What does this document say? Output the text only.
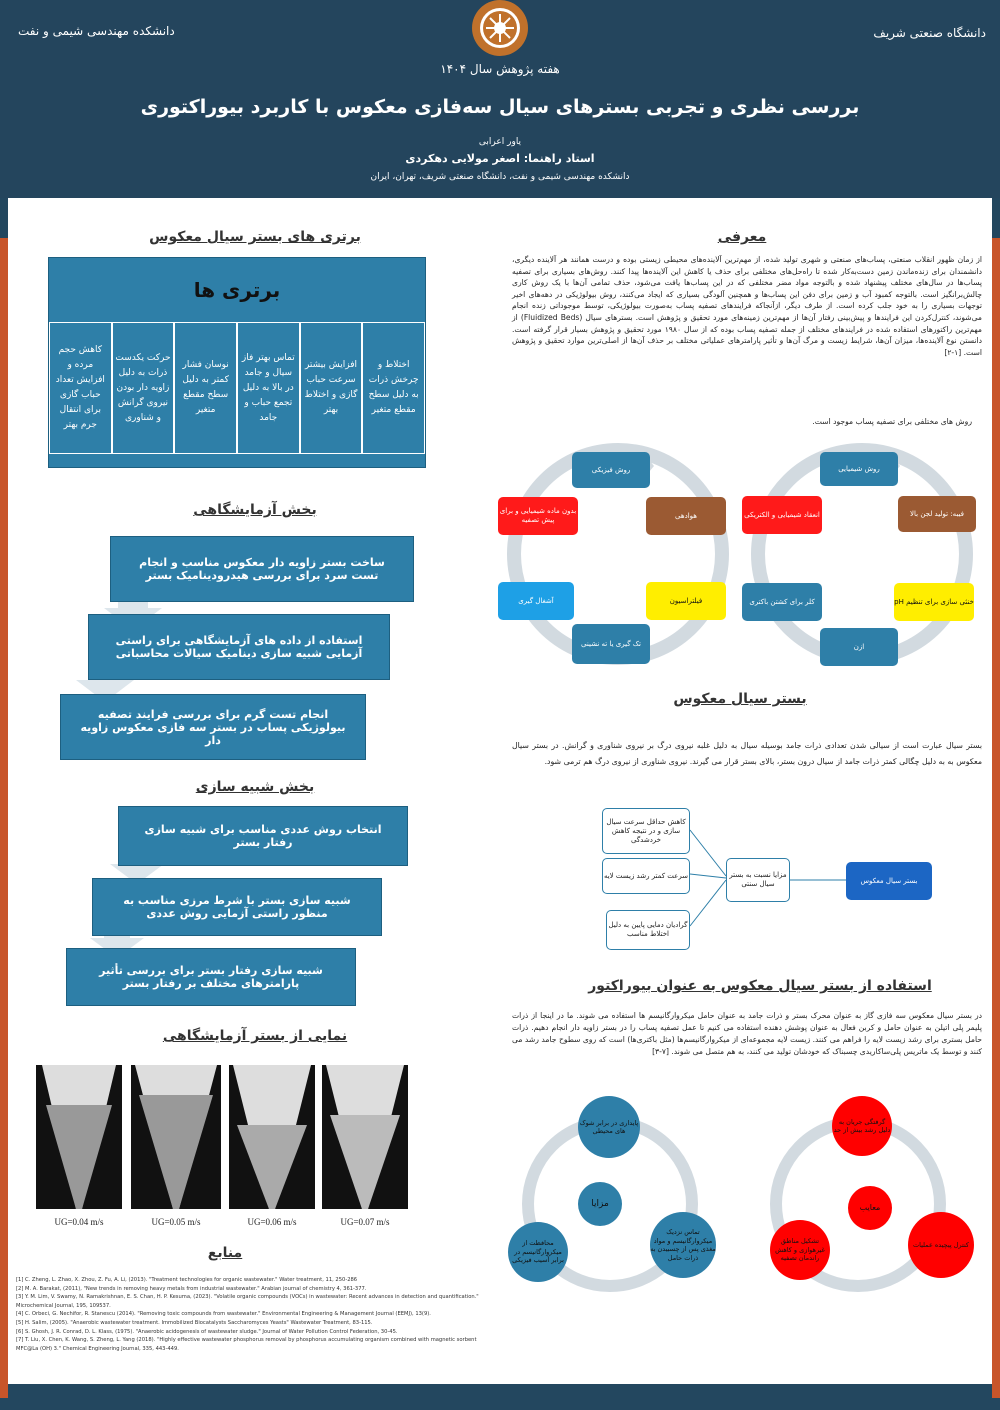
دانشگاه صنعتی شریف
دانشکده مهندسی شیمی و نفت
هفته پژوهش سال ۱۴۰۴
بررسی نظری و تجربی بسترهای سیال سه‌فازی معکوس با کاربرد بیوراکتوری
یاور اعرابی
استاد راهنما: اصغر مولایی دهکردی
دانشکده مهندسی شیمی و نفت، دانشگاه صنعتی شریف، تهران، ایران
برتری های بستر سیال معکوس
برتری ها
اختلاط و چرخش ذرات به دلیل سطح مقطع متغیر
افزایش بیشتر سرعت حباب گازی و اختلاط بهتر
تماس بهتر فاز سیال و جامد در بالا به دلیل تجمع حباب و جامد
نوسان فشار کمتر به دلیل سطح مقطع متغیر
حرکت یکدست ذرات به دلیل زاویه دار بودن نیروی گرانش و شناوری
کاهش حجم مرده و افزایش تعداد حباب گازی برای انتقال جرم بهتر
بخش آزمایشگاهی
ساخت بستر زاویه دار معکوس مناسب و انجام تست سرد برای بررسی هیدرودینامیک بستر
استفاده از داده های آزمایشگاهی برای راستی آزمایی شبیه سازی دینامیک سیالات محاسباتی
انجام تست گرم برای بررسی فرایند تصفیه بیولوژیکی پساب در بستر سه فازی معکوس زاویه دار
بخش شبیه سازی
انتخاب روش عددی مناسب برای شبیه سازی رفتار بستر
شبیه سازی بستر با شرط مرزی مناسب به منظور راستی آزمایی روش عددی
شبیه سازی رفتار بستر برای بررسی تأثیر پارامترهای مختلف بر رفتار بستر
نمایی از بستر آزمایشگاهی
UG=0.04 m/s	UG=0.05 m/s	UG=0.06 m/s	UG=0.07 m/s
منابع
[1] C. Zheng, L. Zhao, X. Zhou, Z. Fu, A. Li, (2013). "Treatment technologies for organic wastewater." Water treatment, 11, 250-286
[2] M. A. Barakat, (2011), "New trends in removing heavy metals from industrial wastewater." Arabian journal of chemistry 4, 361-377.
[3] Y. M. Lim, V. Swamy, N. Ramakrishnan, E. S. Chan, H. P. Kesuma, (2023). "Volatile organic compounds (VOCs) in wastewater: Recent advances in detection and quantification." Microchemical Journal, 195, 109537.
[4] C. Orbeci, G. Nechifor, R. Stanescu (2014). "Removing toxic compounds from wastewater." Environmental Engineering & Management Journal (EEMJ), 13(9).
[5] H. Salim, (2005). "Anaerobic wastewater treatment. Immobilized Biocatalysts Saccharomyces Yeasts" Wastewater Treatment, 83-115.
[6] S. Ghosh, J. R. Conrad, D. L. Klass, (1975). "Anaerobic acidogenesis of wastewater sludge." Journal of Water Pollution Control Federation, 30-45.
[7] T. Liu, X. Chen, K. Wang, S. Zheng, L. Yang (2018). "Highly effective wastewater phosphorus removal by phosphorus accumulating organism combined with magnetic sorbent MFC@La (OH) 3." Chemical Engineering Journal, 335, 443-449.
معرفی
از زمان ظهور انقلاب صنعتی، پساب‌های صنعتی و شهری تولید شده، از مهم‌ترین آلاینده‌های محیطی زیستی بوده و درست همانند هر آلاینده دیگری، دانشمندان برای زنده‌ماندن زمین دست‌به‌کار شده تا راه‌حل‌های مختلفی برای حذف یا کاهش این آلاینده‌ها پیدا کنند. روش‌های بسیاری برای تصفیه پساب‌ها در سال‌های مختلف پیشنهاد شده و بالتوجه مواد مضر مختلفی که در این پساب‌ها یافت می‌شود، حذف تمامی آن‌ها با یک روش کاری چالش‌برانگیز است. بالتوجه کمبود آب و زمین برای دفن این پساب‌ها و همچنین آلودگی بسیاری که ایجاد می‌کنند، روش بیولوژیکی در دهه‌های اخیر توجهات بسیاری را به خود جلب کرده است. از طرف دیگر، ازآنجاکه فرایندهای تصفیه پساب به‌صورت بیولوژیکی، توسط موجوداتی زنده انجام می‌شوند، کنترل‌کردن این فرایندها و پیش‌بینی رفتار آن‌ها از مهم‌ترین زمینه‌های مورد تحقیق و پژوهش است. بسترهای سیال (Fluidized Beds) از مهم‌ترین راکتورهای استفاده شده در فرایندهای مختلف از جمله تصفیه پساب بوده که از سال ۱۹۸۰ مورد تحقیق و پژوهش بسیار قرار گرفته است. دانستن نوع آلاینده‌ها، میزان آن‌ها، شرایط زیست و مرگ آن‌ها و تأثیر پارامترهای عملیاتی مختلف بر حذف آن‌ها از اصلی‌ترین موارد تحقیق و پژوهش است. [۱-۲]
روش های مختلفی برای تصفیه پساب موجود است.
روش شیمیایی
فیبه: تولید لجن بالا
خنثی سازی برای تنظیم pH
ازن
کلر برای کشتن باکتری
انعقاد شیمیایی و الکتریکی
روش فیزیکی
هوادهی
فیلتراسیون
تک گیری یا ته نشینی
آشغال گیری
بدون ماده شیمیایی و برای پیش تصفیه
بستر سیال معکوس
بستر سیال عبارت است از سیالی شدن تعدادی ذرات جامد بوسیله سیال به دلیل غلبه نیروی درگ بر نیروی شناوری و گرانش. در بستر سیال معکوس به به دلیل چگالی کمتر ذرات جامد از سیال درون بستر، بالای بستر قرار می گیرند. نیروی شناوری از نیروی درگ هم ترمی شود.
بستر سیال معکوس
مزایا نسبت به بستر سیال سنتی
کاهش حداقل سرعت سیال سازی و در نتیجه کاهش خردشدگی
سرعت کمتر رشد زیست لایه
گرادیان دمایی پایین به دلیل اختلاط مناسب
استفاده از بستر سیال معکوس به عنوان بیوراکتور
در بستر سیال معکوس سه فازی گاز به عنوان محرک بستر و ذرات جامد به عنوان حامل میکروارگانیسم ها استفاده می شوند. ما در اینجا از ذرات پلیمر پلی اتیلن به عنوان حامل و کربن فعال به عنوان پوشش دهنده استفاده می کنیم تا عمل تصفیه پساب را در بستر زاویه دار انجام دهیم. ذرات حامل بستری برای رشد زیست لایه را فراهم می کنند. زیست لایه مجموعه‌ای از میکروارگانیسم‌ها (مثل باکتری‌ها) است که روی سطوح جامد رشد می کنند و توسط یک ماتریس پلی‌ساکاریدی چسبناک که خودشان تولید می کنند، به هم متصل می شوند. [۷-۳]
مزایا
پایداری در برابر شوک های محیطی
تماس نزدیک میکروارگانیسم و مواد مغذی پس از چسبیدن به ذرات حامل
محافظت از میکروارگانیسم در برابر آسیب فیزیکی
معایب
گرفتگی جریان به دلیل رشد بیش از حد
کنترل پیچیده عملیات
تشکیل مناطق غیرهوازی و کاهش راندمان تصفیه
